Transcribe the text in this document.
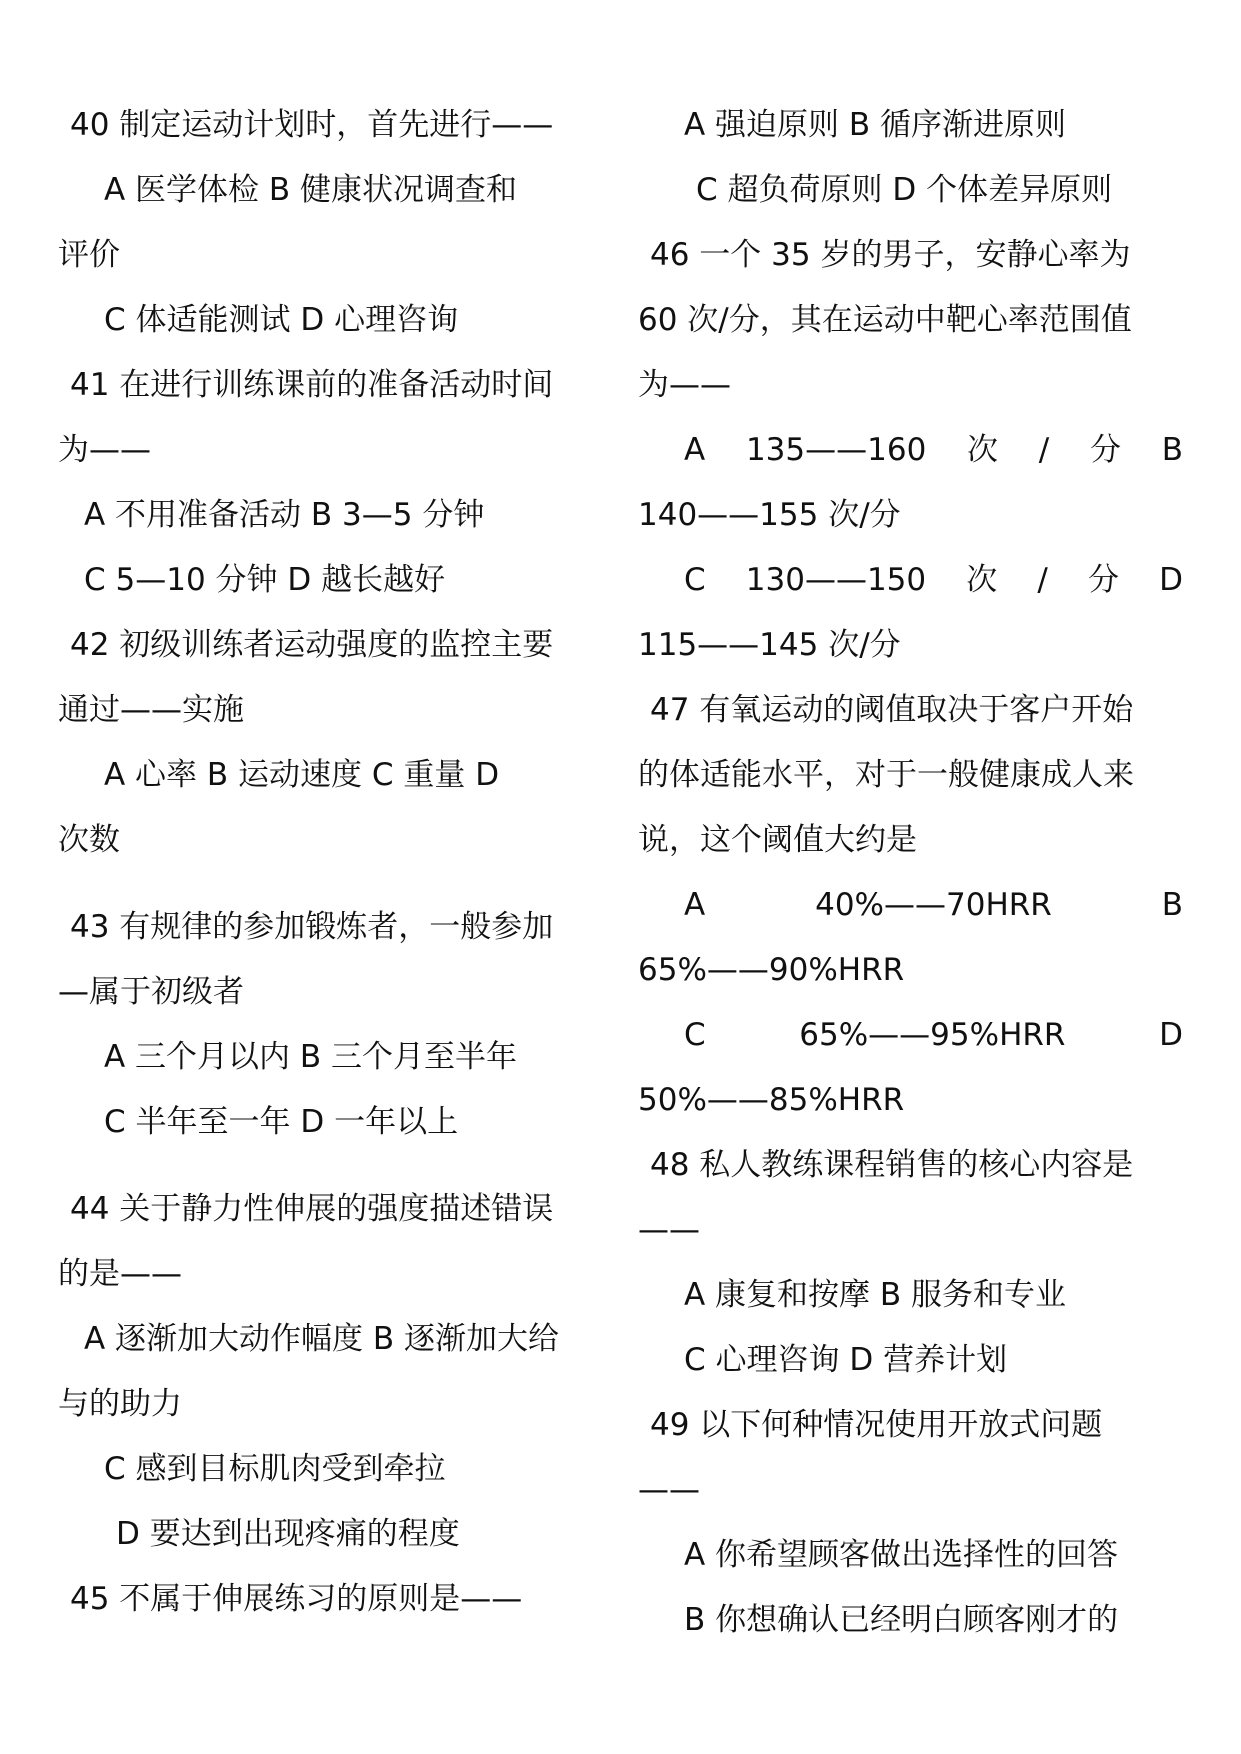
40 制定运动计划时，首先进行——
A 医学体检 B 健康状况调查和
评价
C 体适能测试 D 心理咨询
41 在进行训练课前的准备活动时间
为——
A 不用准备活动 B 3—5 分钟
C 5—10 分钟 D 越长越好
42 初级训练者运动强度的监控主要
通过——实施
A 心率 B 运动速度 C 重量 D
次数
43 有规律的参加锻炼者，一般参加
—属于初级者
A 三个月以内 B 三个月至半年
C 半年至一年 D 一年以上
44 关于静力性伸展的强度描述错误
的是——
A 逐渐加大动作幅度 B 逐渐加大给
与的助力
C 感到目标肌肉受到牵拉
D 要达到出现疼痛的程度
45 不属于伸展练习的原则是——
A 强迫原则 B 循序渐进原则
C 超负荷原则 D 个体差异原则
46 一个 35 岁的男子，安静心率为
60 次/分，其在运动中靶心率范围值
为——
A 135——160 次 / 分 B
140——155 次/分
C 130——150 次 / 分 D
115——145 次/分
47 有氧运动的阈值取决于客户开始
的体适能水平，对于一般健康成人来
说，这个阈值大约是
A	40%——70HRR	B
65%——90%HRR
C	65%——95%HRR	D
50%——85%HRR
48 私人教练课程销售的核心内容是
——
A 康复和按摩 B 服务和专业
C 心理咨询 D 营养计划
49 以下何种情况使用开放式问题
——
A 你希望顾客做出选择性的回答
B 你想确认已经明白顾客刚才的
